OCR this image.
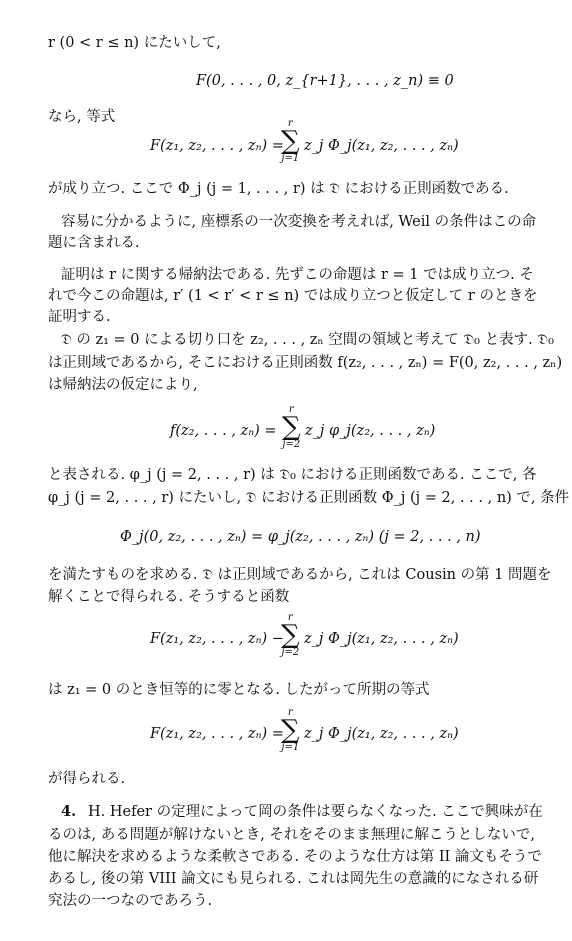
r (0 < r ≤ n) にたいして,

F(0, . . . , 0, z_{r+1}, . . . , z_n) ≡ 0

なら, 等式

F(z₁, z₂, . . . , zₙ) =

r
∑
j=1

z_j Φ_j(z₁, z₂, . . . , zₙ)

が成り立つ. ここで Φ_j (j = 1, . . . , r) は 𝔇 における正則函数である.

容易に分かるように, 座標系の一次変換を考えれば, Weil の条件はこの命

題に含まれる.

証明は r に関する帰納法である. 先ずこの命題は r = 1 では成り立つ. そ

れで今この命題は, r′ (1 < r′ < r ≤ n) では成り立つと仮定して r のときを

証明する.

𝔇 の z₁ = 0 による切り口を z₂, . . . , zₙ 空間の領域と考えて 𝔇₀ と表す. 𝔇₀

は正則域であるから, そこにおける正則函数 f(z₂, . . . , zₙ) = F(0, z₂, . . . , zₙ)

は帰納法の仮定により,

f(z₂, . . . , zₙ) =

r
∑
j=2

z_j φ_j(z₂, . . . , zₙ)

と表される. φ_j (j = 2, . . . , r) は 𝔇₀ における正則函数である. ここで, 各

φ_j (j = 2, . . . , r) にたいし, 𝔇 における正則函数 Φ_j (j = 2, . . . , n) で, 条件

Φ_j(0, z₂, . . . , zₙ) = φ_j(z₂, . . . , zₙ) (j = 2, . . . , n)

を満たすものを求める. 𝔇 は正則域であるから, これは Cousin の第 1 問題を

解くことで得られる. そうすると函数

F(z₁, z₂, . . . , zₙ) −

r
∑
j=2

z_j Φ_j(z₁, z₂, . . . , zₙ)

は z₁ = 0 のとき恒等的に零となる. したがって所期の等式

F(z₁, z₂, . . . , zₙ) =

r
∑
j=1

z_j Φ_j(z₁, z₂, . . . , zₙ)

が得られる.

4. H. Hefer の定理によって岡の条件は要らなくなった. ここで興味が在

るのは, ある問題が解けないとき, それをそのまま無理に解こうとしないで,

他に解決を求めるような柔軟さである. そのような仕方は第 II 論文もそうで

あるし, 後の第 VIII 論文にも見られる. これは岡先生の意識的になされる研

究法の一つなのであろう.
